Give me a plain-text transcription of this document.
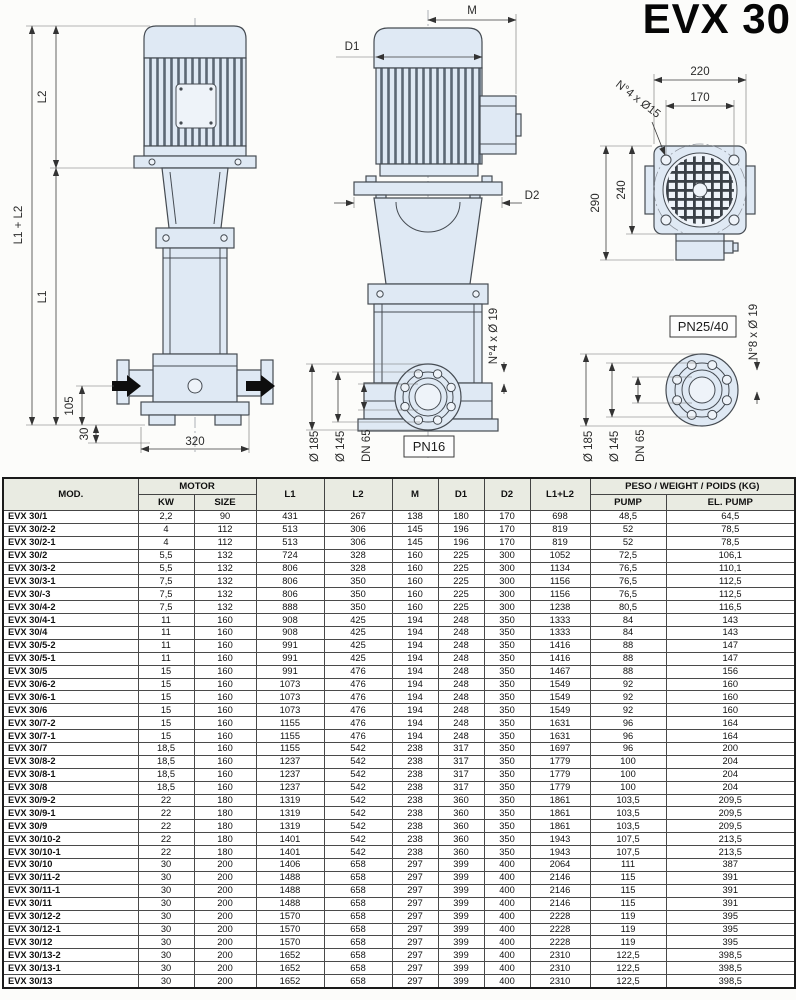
EVX 30
L2
L1 + L2
L1
105
30
320
M
D1
D2
N°4 x Ø 19
Ø 185 Ø 145 DN 65	PN16
220
170
290
240
N°4 x Ø15
PN25/40 N°8 x Ø 19
Ø 185 Ø 145 DN 65
MOD.	MOTOR		L1	L2	M	D1	D2	L1+L2	PESO / WEIGHT / POIDS (KG)	
	KW	SIZE							PUMP	EL. PUMP
EVX 30/1	2,2	90	431	267	138	180	170	698	48,5	64,5
EVX 30/2-2	4	112	513	306	145	196	170	819	52	78,5
EVX 30/2-1	4	112	513	306	145	196	170	819	52	78,5
EVX 30/2	5,5	132	724	328	160	225	300	1052	72,5	106,1
EVX 30/3-2	5,5	132	806	328	160	225	300	1134	76,5	110,1
EVX 30/3-1	7,5	132	806	350	160	225	300	1156	76,5	112,5
EVX 30/-3	7,5	132	806	350	160	225	300	1156	76,5	112,5
EVX 30/4-2	7,5	132	888	350	160	225	300	1238	80,5	116,5
EVX 30/4-1	11	160	908	425	194	248	350	1333	84	143
EVX 30/4	11	160	908	425	194	248	350	1333	84	143
EVX 30/5-2	11	160	991	425	194	248	350	1416	88	147
EVX 30/5-1	11	160	991	425	194	248	350	1416	88	147
EVX 30/5	15	160	991	476	194	248	350	1467	88	156
EVX 30/6-2	15	160	1073	476	194	248	350	1549	92	160
EVX 30/6-1	15	160	1073	476	194	248	350	1549	92	160
EVX 30/6	15	160	1073	476	194	248	350	1549	92	160
EVX 30/7-2	15	160	1155	476	194	248	350	1631	96	164
EVX 30/7-1	15	160	1155	476	194	248	350	1631	96	164
EVX 30/7	18,5	160	1155	542	238	317	350	1697	96	200
EVX 30/8-2	18,5	160	1237	542	238	317	350	1779	100	204
EVX 30/8-1	18,5	160	1237	542	238	317	350	1779	100	204
EVX 30/8	18,5	160	1237	542	238	317	350	1779	100	204
EVX 30/9-2	22	180	1319	542	238	360	350	1861	103,5	209,5
EVX 30/9-1	22	180	1319	542	238	360	350	1861	103,5	209,5
EVX 30/9	22	180	1319	542	238	360	350	1861	103,5	209,5
EVX 30/10-2	22	180	1401	542	238	360	350	1943	107,5	213,5
EVX 30/10-1	22	180	1401	542	238	360	350	1943	107,5	213,5
EVX 30/10	30	200	1406	658	297	399	400	2064	111	387
EVX 30/11-2	30	200	1488	658	297	399	400	2146	115	391
EVX 30/11-1	30	200	1488	658	297	399	400	2146	115	391
EVX 30/11	30	200	1488	658	297	399	400	2146	115	391
EVX 30/12-2	30	200	1570	658	297	399	400	2228	119	395
EVX 30/12-1	30	200	1570	658	297	399	400	2228	119	395
EVX 30/12	30	200	1570	658	297	399	400	2228	119	395
EVX 30/13-2	30	200	1652	658	297	399	400	2310	122,5	398,5
EVX 30/13-1	30	200	1652	658	297	399	400	2310	122,5	398,5
EVX 30/13	30	200	1652	658	297	399	400	2310	122,5	398,5
